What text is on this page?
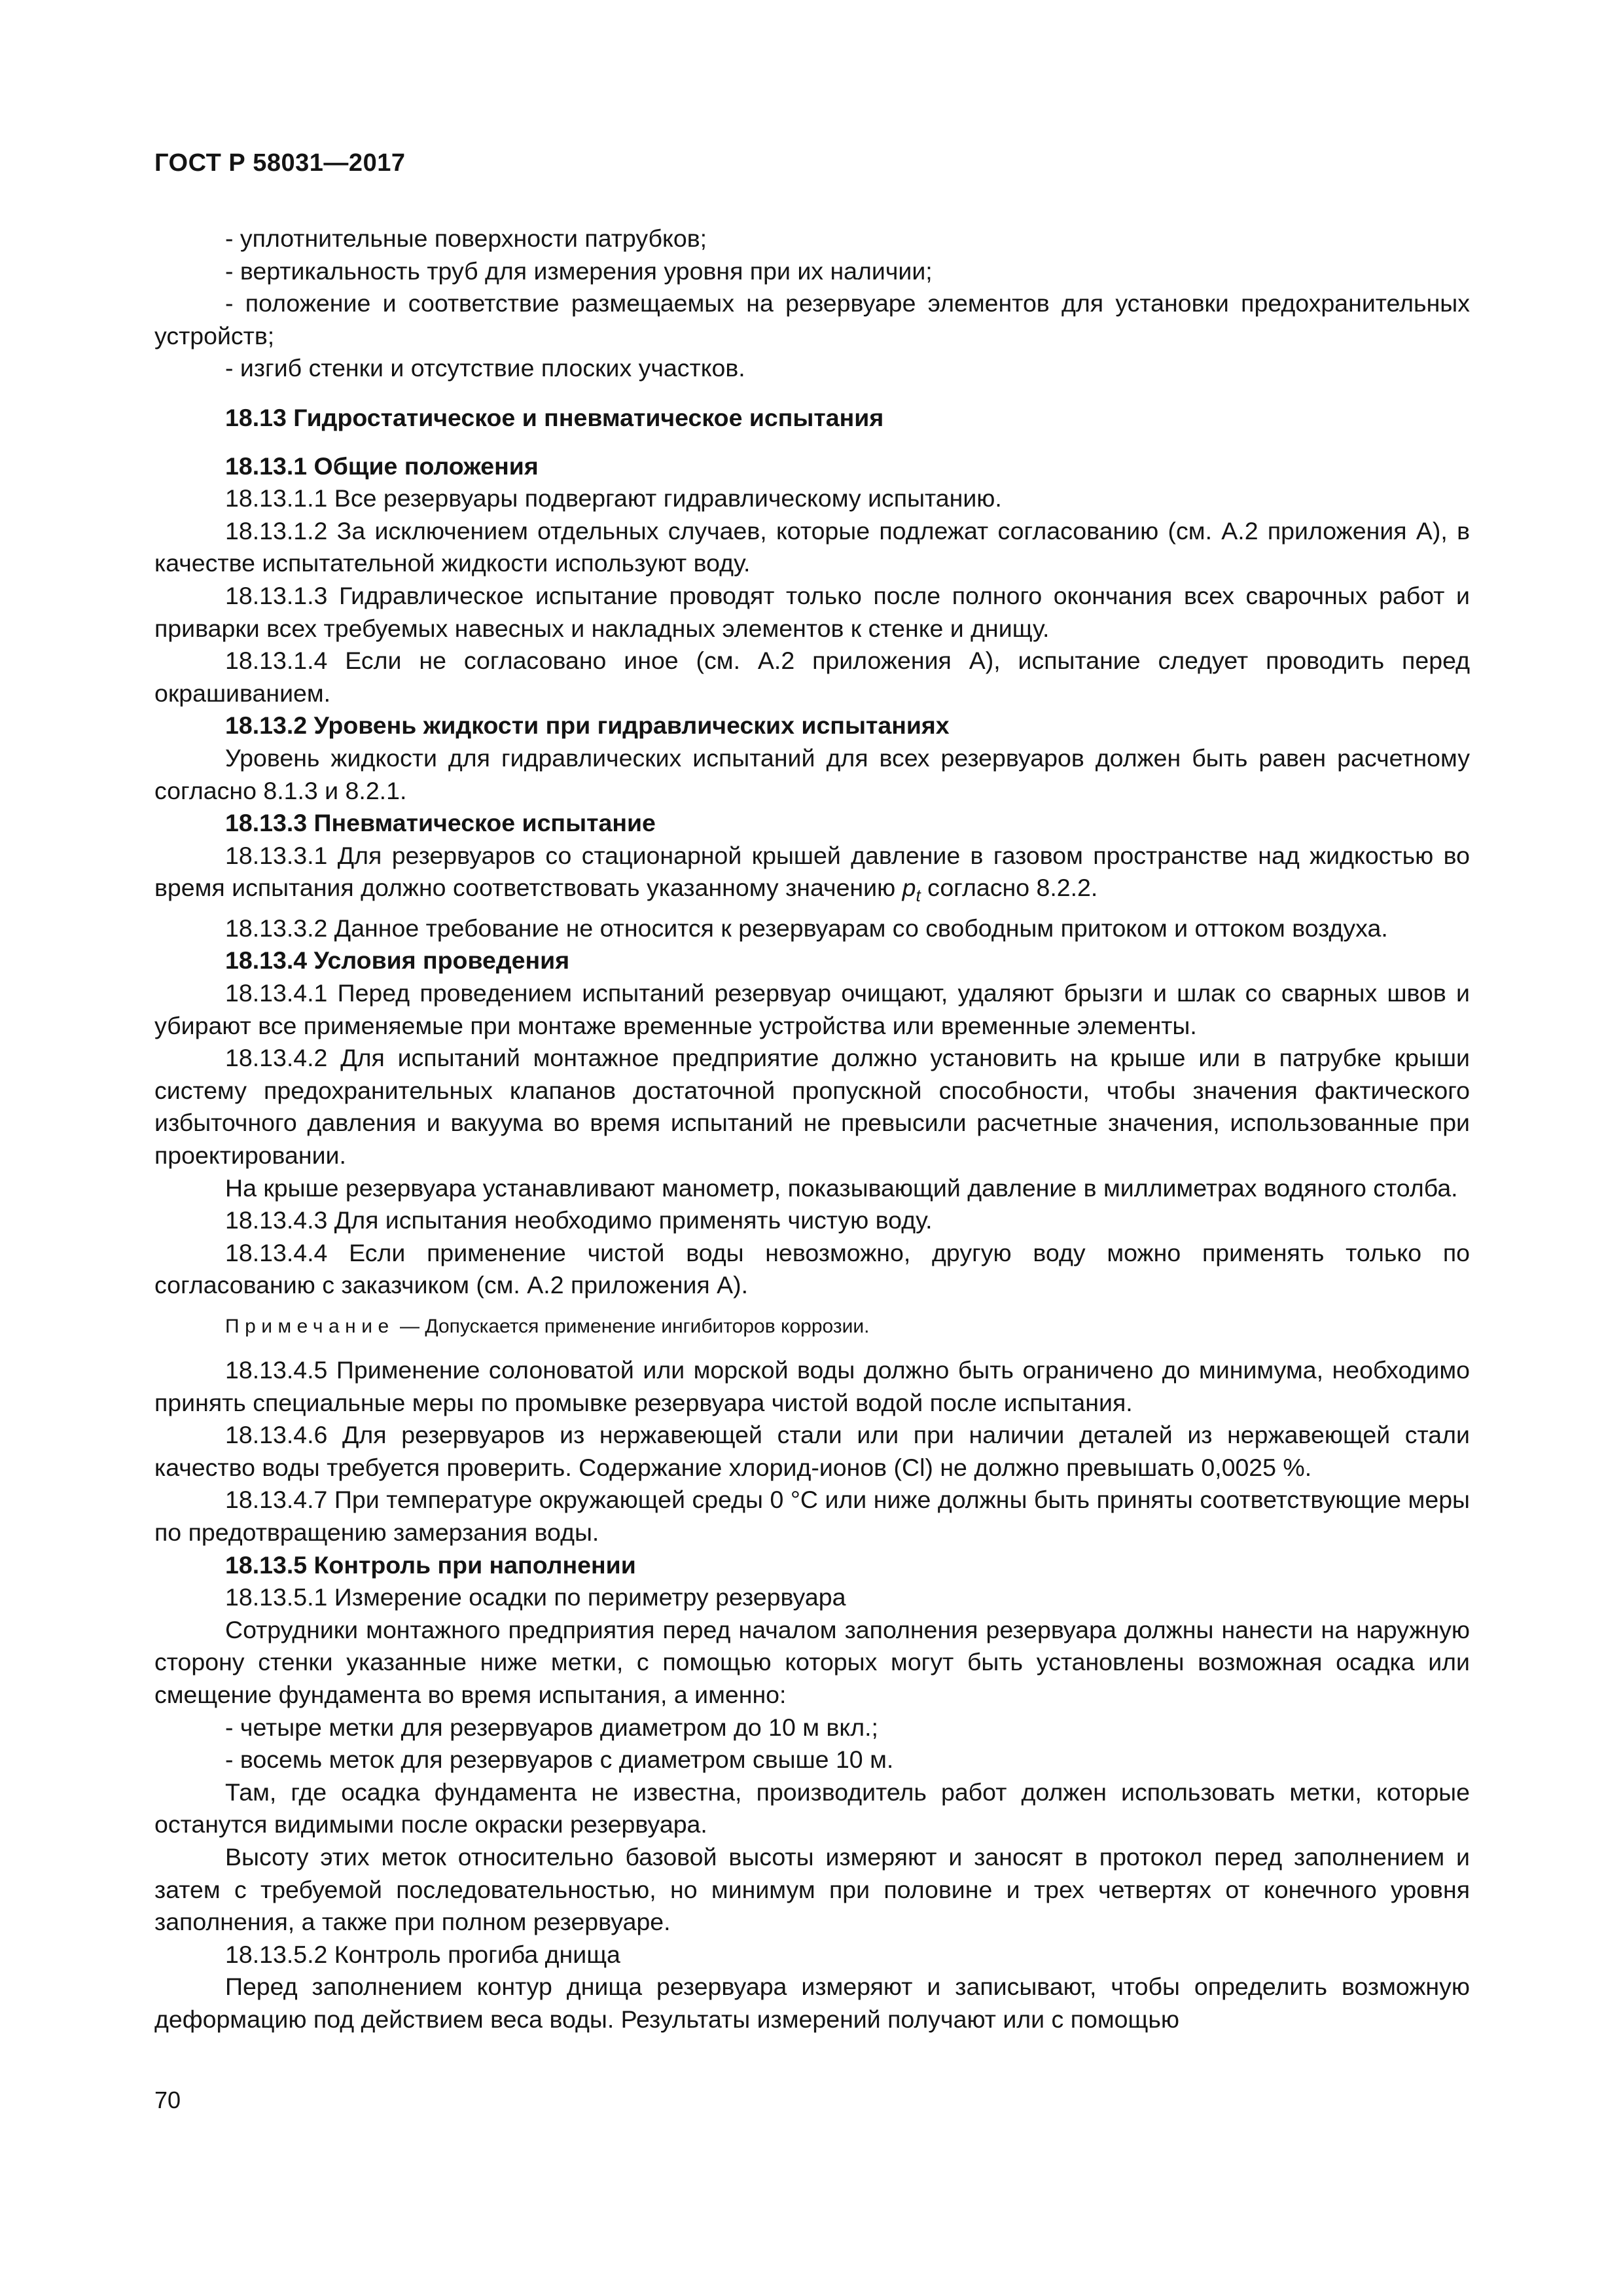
ГОСТ Р 58031—2017

- уплотнительные поверхности патрубков;

- вертикальность труб для измерения уровня при их наличии;

- положение и соответствие размещаемых на резервуаре элементов для установки предохранительных устройств;

- изгиб стенки и отсутствие плоских участков.

18.13 Гидростатическое и пневматическое испытания

18.13.1 Общие положения

18.13.1.1 Все резервуары подвергают гидравлическому испытанию.

18.13.1.2 За исключением отдельных случаев, которые подлежат согласованию (см. А.2 приложения А), в качестве испытательной жидкости используют воду.

18.13.1.3 Гидравлическое испытание проводят только после полного окончания всех сварочных работ и приварки всех требуемых навесных и накладных элементов к стенке и днищу.

18.13.1.4 Если не согласовано иное (см. А.2 приложения А), испытание следует проводить перед окрашиванием.

18.13.2 Уровень жидкости при гидравлических испытаниях

Уровень жидкости для гидравлических испытаний для всех резервуаров должен быть равен расчетному согласно 8.1.3 и 8.2.1.

18.13.3 Пневматическое испытание

18.13.3.1 Для резервуаров со стационарной крышей давление в газовом пространстве над жидкостью во время испытания должно соответствовать указанному значению $p_t$ согласно 8.2.2.

18.13.3.2 Данное требование не относится к резервуарам со свободным притоком и оттоком воздуха.

18.13.4 Условия проведения

18.13.4.1 Перед проведением испытаний резервуар очищают, удаляют брызги и шлак со сварных швов и убирают все применяемые при монтаже временные устройства или временные элементы.

18.13.4.2 Для испытаний монтажное предприятие должно установить на крыше или в патрубке крыши систему предохранительных клапанов достаточной пропускной способности, чтобы значения фактического избыточного давления и вакуума во время испытаний не превысили расчетные значения, использованные при проектировании.

На крыше резервуара устанавливают манометр, показывающий давление в миллиметрах водяного столба.

18.13.4.3 Для испытания необходимо применять чистую воду.

18.13.4.4 Если применение чистой воды невозможно, другую воду можно применять только по согласованию с заказчиком (см. А.2 приложения А).

Примечание — Допускается применение ингибиторов коррозии.

18.13.4.5 Применение солоноватой или морской воды должно быть ограничено до минимума, необходимо принять специальные меры по промывке резервуара чистой водой после испытания.

18.13.4.6 Для резервуаров из нержавеющей стали или при наличии деталей из нержавеющей стали качество воды требуется проверить. Содержание хлорид-ионов (Cl) не должно превышать 0,0025 %.

18.13.4.7 При температуре окружающей среды 0 °С или ниже должны быть приняты соответствующие меры по предотвращению замерзания воды.

18.13.5 Контроль при наполнении

18.13.5.1 Измерение осадки по периметру резервуара

Сотрудники монтажного предприятия перед началом заполнения резервуара должны нанести на наружную сторону стенки указанные ниже метки, с помощью которых могут быть установлены возможная осадка или смещение фундамента во время испытания, а именно:

- четыре метки для резервуаров диаметром до 10 м вкл.;

- восемь меток для резервуаров с диаметром свыше 10 м.

Там, где осадка фундамента не известна, производитель работ должен использовать метки, которые останутся видимыми после окраски резервуара.

Высоту этих меток относительно базовой высоты измеряют и заносят в протокол перед заполнением и затем с требуемой последовательностью, но минимум при половине и трех четвертях от конечного уровня заполнения, а также при полном резервуаре.

18.13.5.2 Контроль прогиба днища

Перед заполнением контур днища резервуара измеряют и записывают, чтобы определить возможную деформацию под действием веса воды. Результаты измерений получают или с помощью

70
